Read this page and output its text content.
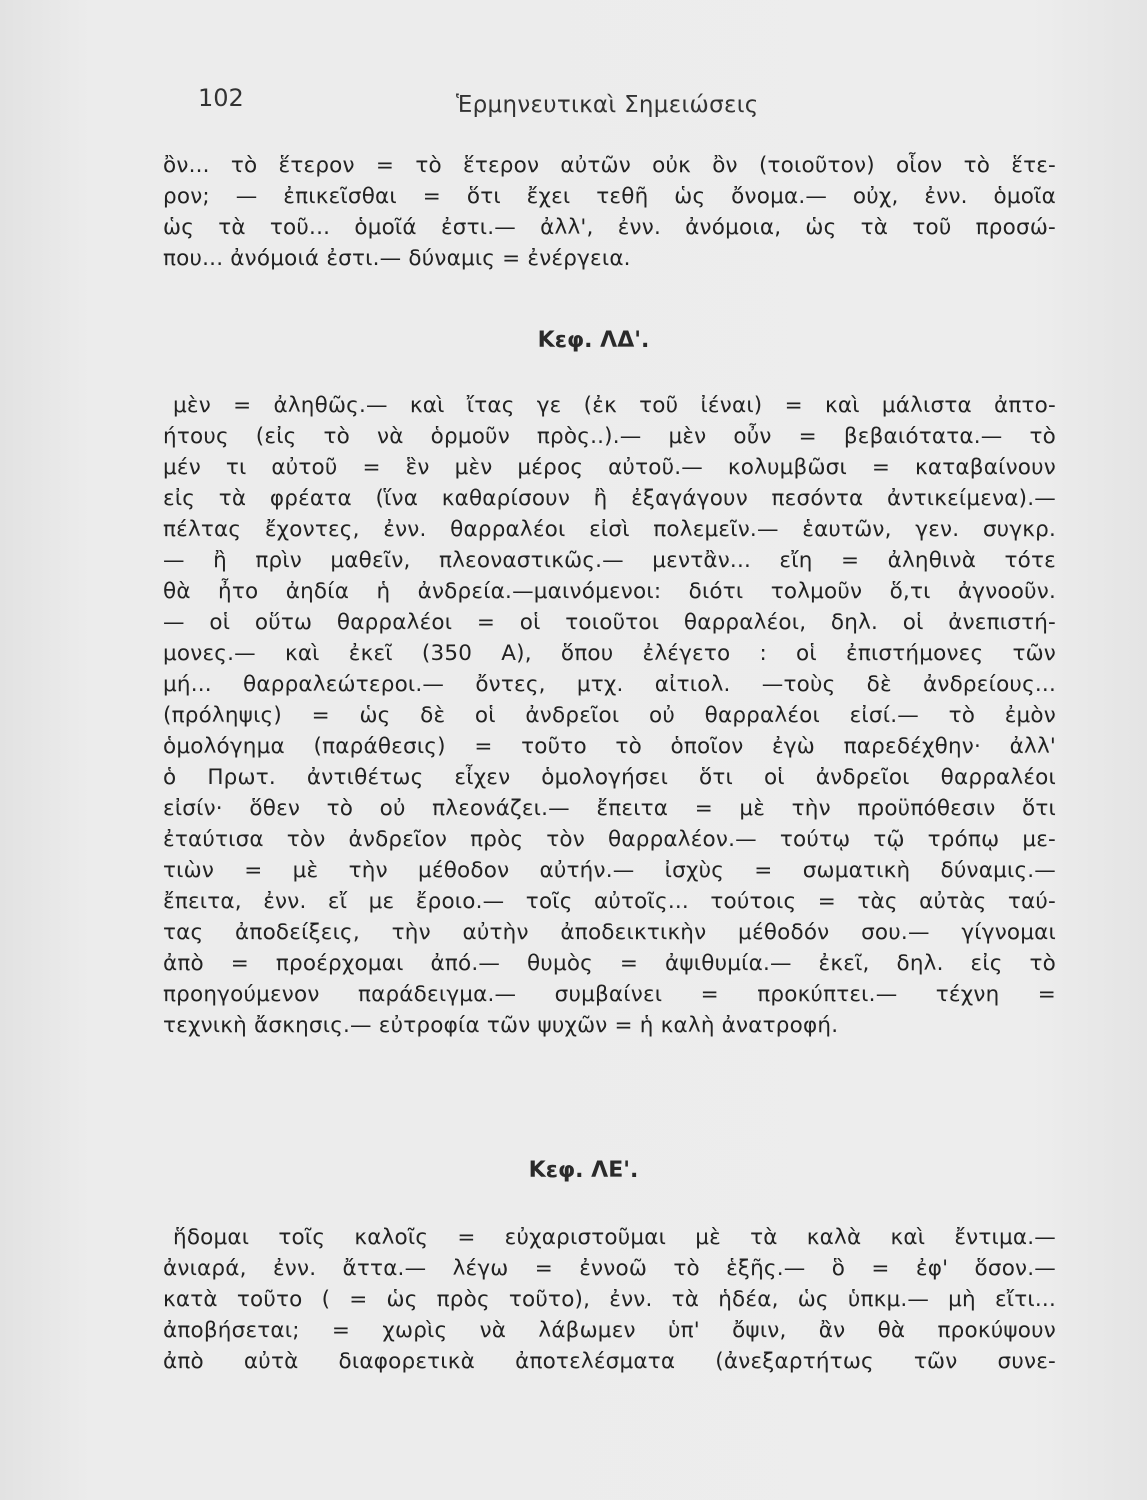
102	Ἑρμηνευτικαὶ Σημειώσεις
ὂν... τὸ ἕτερον = τὸ ἕτερον αὐτῶν οὐκ ὂν (τοιοῦτον) οἷον τὸ ἕτε-
ρον; — ἐπικεῖσθαι = ὅτι ἔχει τεθῆ ὡς ὄνομα.— οὐχ, ἐνν. ὁμοῖα
ὡς τὰ τοῦ... ὁμοῖά ἐστι.— ἀλλ', ἐνν. ἀνόμοια, ὡς τὰ τοῦ προσώ-
που... ἀνόμοιά ἐστι.— δύναμις = ἐνέργεια.
Κεφ. ΛΔ'.
μὲν = ἀληθῶς.— καὶ ἴτας γε (ἐκ τοῦ ἰέναι) = καὶ μάλιστα ἀπτο-
ήτους (εἰς τὸ νὰ ὁρμοῦν πρὸς..).— μὲν οὖν = βεβαιότατα.— τὸ
μέν τι αὐτοῦ = ἓν μὲν μέρος αὐτοῦ.— κολυμβῶσι = καταβαίνουν
εἰς τὰ φρέατα (ἵνα καθαρίσουν ἢ ἐξαγάγουν πεσόντα ἀντικείμενα).—
πέλτας ἔχοντες, ἐνν. θαρραλέοι εἰσὶ πολεμεῖν.— ἑαυτῶν, γεν. συγκρ.
— ἢ πρὶν μαθεῖν, πλεοναστικῶς.— μεντἂν... εἴη = ἀληθινὰ τότε
θὰ ἦτο ἀηδία ἡ ἀνδρεία.—μαινόμενοι: διότι τολμοῦν ὅ,τι ἀγνοοῦν.
— οἱ οὕτω θαρραλέοι = οἱ τοιοῦτοι θαρραλέοι, δηλ. οἱ ἀνεπιστή-
μονες.— καὶ ἐκεῖ (350 A), ὅπου ἐλέγετο : οἱ ἐπιστήμονες τῶν
μή... θαρραλεώτεροι.— ὄντες, μτχ. αἰτιολ. —τοὺς δὲ ἀνδρείους...
(πρόληψις) = ὡς δὲ οἱ ἀνδρεῖοι οὐ θαρραλέοι εἰσί.— τὸ ἐμὸν
ὁμολόγημα (παράθεσις) = τοῦτο τὸ ὁποῖον ἐγὼ παρεδέχθην· ἀλλ'
ὁ Πρωτ. ἀντιθέτως εἶχεν ὁμολογήσει ὅτι οἱ ἀνδρεῖοι θαρραλέοι
εἰσίν· ὅθεν τὸ οὐ πλεονάζει.— ἔπειτα = μὲ τὴν προϋπόθεσιν ὅτι
ἐταύτισα τὸν ἀνδρεῖον πρὸς τὸν θαρραλέον.— τούτῳ τῷ τρόπῳ με-
τιὼν = μὲ τὴν μέθοδον αὐτήν.— ἰσχὺς = σωματικὴ δύναμις.—
ἔπειτα, ἐνν. εἴ με ἔροιο.— τοῖς αὐτοῖς... τούτοις = τὰς αὐτὰς ταύ-
τας ἀποδείξεις, τὴν αὐτὴν ἀποδεικτικὴν μέθοδόν σου.— γίγνομαι
ἀπὸ = προέρχομαι ἀπό.— θυμὸς = ἀψιθυμία.— ἐκεῖ, δηλ. εἰς τὸ
προηγούμενον παράδειγμα.— συμβαίνει = προκύπτει.— τέχνη =
τεχνικὴ ἄσκησις.— εὐτροφία τῶν ψυχῶν = ἡ καλὴ ἀνατροφή.
Κεφ. ΛΕ'.
ἥδομαι τοῖς καλοῖς = εὐχαριστοῦμαι μὲ τὰ καλὰ καὶ ἔντιμα.—
ἀνιαρά, ἐνν. ἄττα.— λέγω = ἐννοῶ τὸ ἑξῆς.— ὃ = ἐφ' ὅσον.—
κατὰ τοῦτο ( = ὡς πρὸς τοῦτο), ἐνν. τὰ ἡδέα, ὡς ὑπκμ.— μὴ εἴτι...
ἀποβήσεται; = χωρὶς νὰ λάβωμεν ὑπ' ὄψιν, ἂν θὰ προκύψουν
ἀπὸ αὐτὰ διαφορετικὰ ἀποτελέσματα (ἀνεξαρτήτως τῶν συνε-
